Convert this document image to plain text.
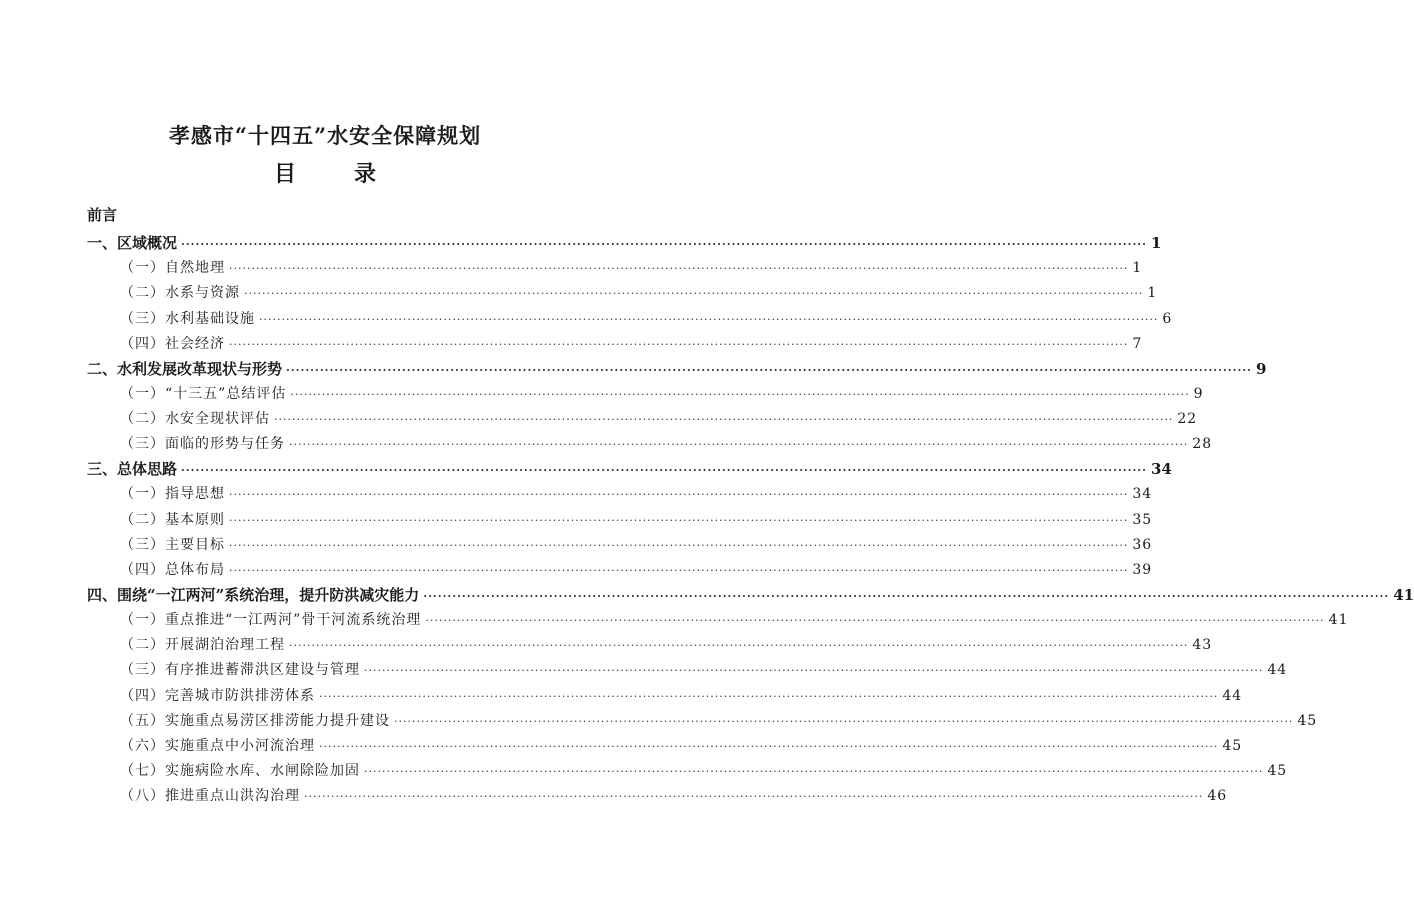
孝感市“十四五”水安全保障规划
目	录
前言
一、区域概况 ········································································································································································································ 1
（一）自然地理 ········································································································································································································ 1
（二）水系与资源 ········································································································································································································ 1
（三）水利基础设施 ········································································································································································································ 6
（四）社会经济 ········································································································································································································ 7
二、水利发展改革现状与形势 ········································································································································································································ 9
（一）“十三五”总结评估 ········································································································································································································ 9
（二）水安全现状评估 ········································································································································································································ 22
（三）面临的形势与任务 ········································································································································································································ 28
三、总体思路 ········································································································································································································ 34
（一）指导思想 ········································································································································································································ 34
（二）基本原则 ········································································································································································································ 35
（三）主要目标 ········································································································································································································ 36
（四）总体布局 ········································································································································································································ 39
四、围绕“一江两河”系统治理，提升防洪减灾能力 ········································································································································································································ 41
（一）重点推进“一江两河”骨干河流系统治理 ········································································································································································································ 41
（二）开展湖泊治理工程 ········································································································································································································ 43
（三）有序推进蓄滞洪区建设与管理 ········································································································································································································ 44
（四）完善城市防洪排涝体系 ········································································································································································································ 44
（五）实施重点易涝区排涝能力提升建设 ········································································································································································································ 45
（六）实施重点中小河流治理 ········································································································································································································ 45
（七）实施病险水库、水闸除险加固 ········································································································································································································ 45
（八）推进重点山洪沟治理 ········································································································································································································ 46
